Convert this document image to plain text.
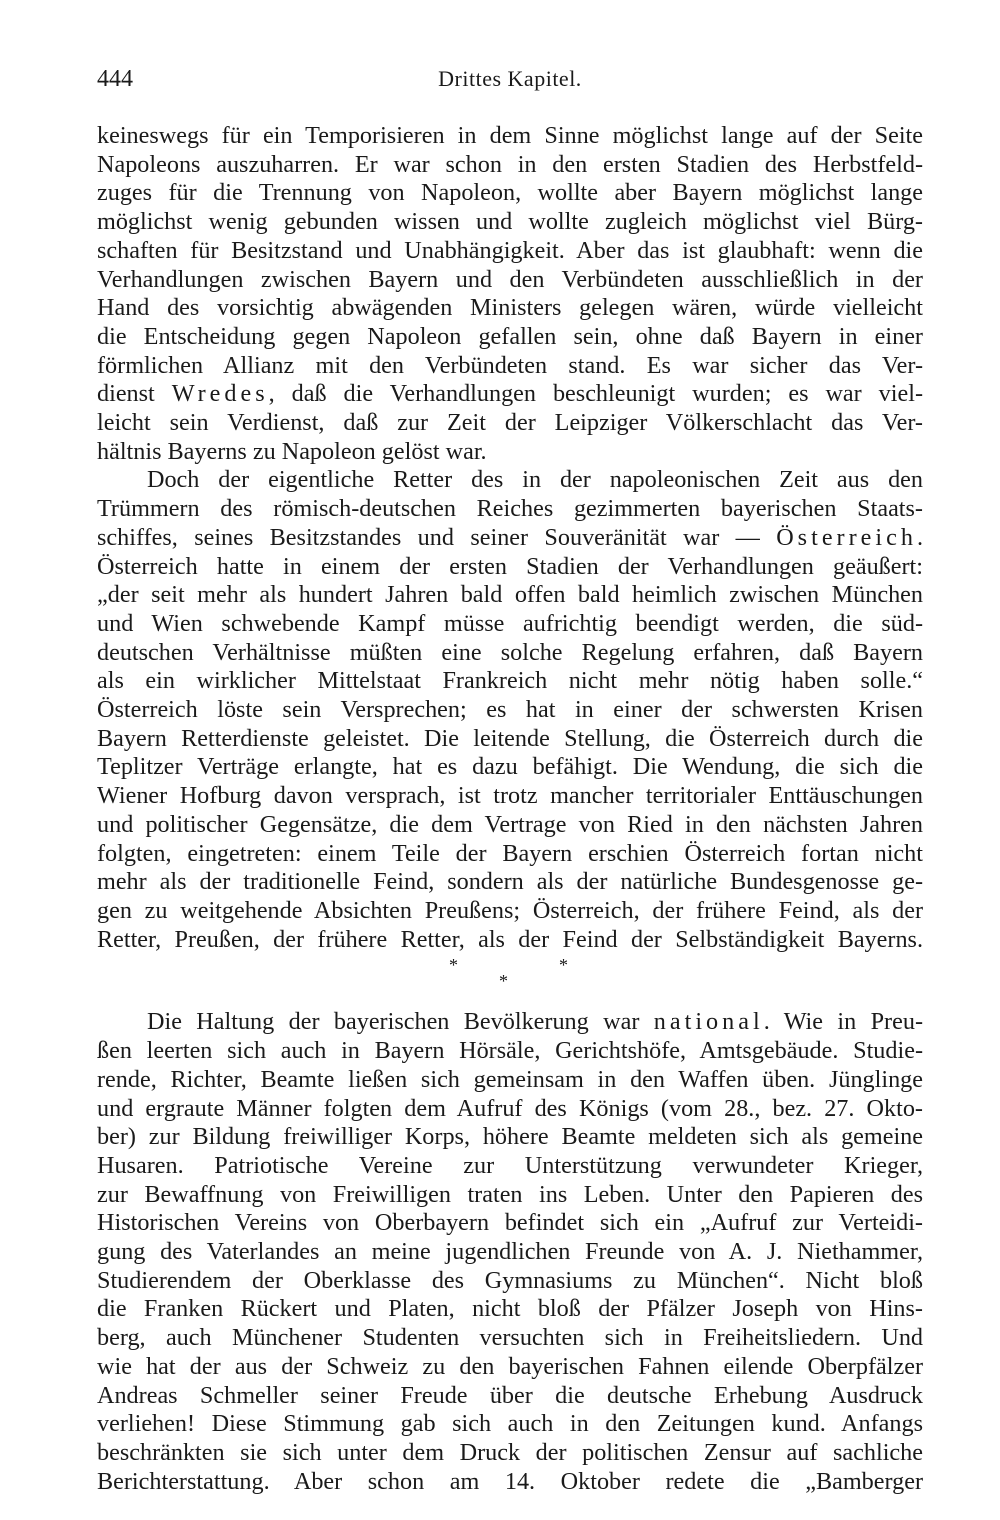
444	Drittes Kapitel.
keineswegs für ein Temporisieren in dem Sinne möglichst lange auf der Seite
Napoleons auszuharren. Er war schon in den ersten Stadien des Herbstfeld-
zuges für die Trennung von Napoleon, wollte aber Bayern möglichst lange
möglichst wenig gebunden wissen und wollte zugleich möglichst viel Bürg-
schaften für Besitzstand und Unabhängigkeit. Aber das ist glaubhaft: wenn die
Verhandlungen zwischen Bayern und den Verbündeten ausschließlich in der
Hand des vorsichtig abwägenden Ministers gelegen wären, würde vielleicht
die Entscheidung gegen Napoleon gefallen sein, ohne daß Bayern in einer
förmlichen Allianz mit den Verbündeten stand. Es war sicher das Ver-
dienst Wredes, daß die Verhandlungen beschleunigt wurden; es war viel-
leicht sein Verdienst, daß zur Zeit der Leipziger Völkerschlacht das Ver-
hältnis Bayerns zu Napoleon gelöst war.
Doch der eigentliche Retter des in der napoleonischen Zeit aus den
Trümmern des römisch-deutschen Reiches gezimmerten bayerischen Staats-
schiffes, seines Besitzstandes und seiner Souveränität war — Österreich.
Österreich hatte in einem der ersten Stadien der Verhandlungen geäußert:
„der seit mehr als hundert Jahren bald offen bald heimlich zwischen München
und Wien schwebende Kampf müsse aufrichtig beendigt werden, die süd-
deutschen Verhältnisse müßten eine solche Regelung erfahren, daß Bayern
als ein wirklicher Mittelstaat Frankreich nicht mehr nötig haben solle.“
Österreich löste sein Versprechen; es hat in einer der schwersten Krisen
Bayern Retterdienste geleistet. Die leitende Stellung, die Österreich durch die
Teplitzer Verträge erlangte, hat es dazu befähigt. Die Wendung, die sich die
Wiener Hofburg davon versprach, ist trotz mancher territorialer Enttäuschungen
und politischer Gegensätze, die dem Vertrage von Ried in den nächsten Jahren
folgten, eingetreten: einem Teile der Bayern erschien Österreich fortan nicht
mehr als der traditionelle Feind, sondern als der natürliche Bundesgenosse ge-
gen zu weitgehende Absichten Preußens; Österreich, der frühere Feind, als der
Retter, Preußen, der frühere Retter, als der Feind der Selbständigkeit Bayerns.
*
*
*
Die Haltung der bayerischen Bevölkerung war national. Wie in Preu-
ßen leerten sich auch in Bayern Hörsäle, Gerichtshöfe, Amtsgebäude. Studie-
rende, Richter, Beamte ließen sich gemeinsam in den Waffen üben. Jünglinge
und ergraute Männer folgten dem Aufruf des Königs (vom 28., bez. 27. Okto-
ber) zur Bildung freiwilliger Korps, höhere Beamte meldeten sich als gemeine
Husaren. Patriotische Vereine zur Unterstützung verwundeter Krieger,
zur Bewaffnung von Freiwilligen traten ins Leben. Unter den Papieren des
Historischen Vereins von Oberbayern befindet sich ein „Aufruf zur Verteidi-
gung des Vaterlandes an meine jugendlichen Freunde von A. J. Niethammer,
Studierendem der Oberklasse des Gymnasiums zu München“. Nicht bloß
die Franken Rückert und Platen, nicht bloß der Pfälzer Joseph von Hins-
berg, auch Münchener Studenten versuchten sich in Freiheitsliedern. Und
wie hat der aus der Schweiz zu den bayerischen Fahnen eilende Oberpfälzer
Andreas Schmeller seiner Freude über die deutsche Erhebung Ausdruck
verliehen! Diese Stimmung gab sich auch in den Zeitungen kund. Anfangs
beschränkten sie sich unter dem Druck der politischen Zensur auf sachliche
Berichterstattung. Aber schon am 14. Oktober redete die „Bamberger
